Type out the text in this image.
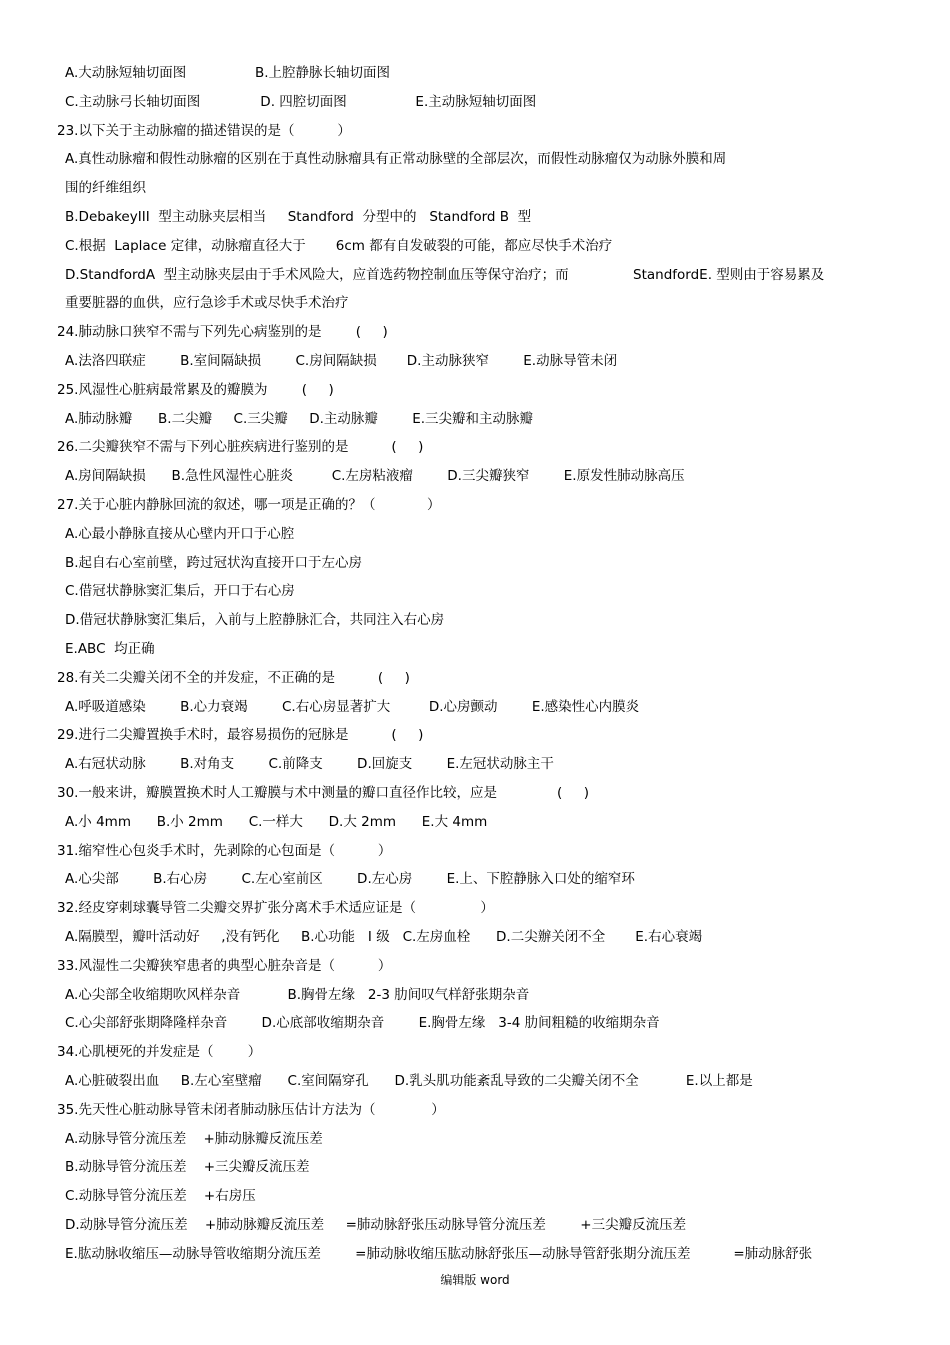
A.大动脉短轴切面图                B.上腔静脉长轴切面图
C.主动脉弓长轴切面图              D. 四腔切面图                E.主动脉短轴切面图
23.以下关于主动脉瘤的描述错误的是（          ）
A.真性动脉瘤和假性动脉瘤的区别在于真性动脉瘤具有正常动脉壁的全部层次，而假性动脉瘤仅为动脉外膜和周
围的纤维组织
B.DebakeyIII  型主动脉夹层相当     Standford  分型中的   Standford B  型
C.根据  Laplace 定律，动脉瘤直径大于       6cm 都有自发破裂的可能，都应尽快手术治疗
D.StandfordA  型主动脉夹层由于手术风险大，应首选药物控制血压等保守治疗；而               StandfordE. 型则由于容易累及
重要脏器的血供，应行急诊手术或尽快手术治疗
24.肺动脉口狭窄不需与下列先心病鉴别的是        (     )
A.法洛四联症        B.室间隔缺损        C.房间隔缺损       D.主动脉狭窄        E.动脉导管未闭
25.风湿性心脏病最常累及的瓣膜为        (     )
A.肺动脉瓣      B.二尖瓣     C.三尖瓣     D.主动脉瓣        E.三尖瓣和主动脉瓣
26.二尖瓣狭窄不需与下列心脏疾病进行鉴别的是          (     )
A.房间隔缺损      B.急性风湿性心脏炎         C.左房粘液瘤        D.三尖瓣狭窄        E.原发性肺动脉高压
27.关于心脏内静脉回流的叙述，哪一项是正确的？（            ）
A.心最小静脉直接从心壁内开口于心腔
B.起自右心室前壁，跨过冠状沟直接开口于左心房
C.借冠状静脉窦汇集后，开口于右心房
D.借冠状静脉窦汇集后，入前与上腔静脉汇合，共同注入右心房
E.ABC  均正确
28.有关二尖瓣关闭不全的并发症，不正确的是          (     )
A.呼吸道感染        B.心力衰竭        C.右心房显著扩大         D.心房颤动        E.感染性心内膜炎
29.进行二尖瓣置换手术时，最容易损伤的冠脉是          (     )
A.右冠状动脉        B.对角支        C.前降支        D.回旋支        E.左冠状动脉主干
30.一般来讲，瓣膜置换术时人工瓣膜与术中测量的瓣口直径作比较，应是              (     )
A.小 4mm      B.小 2mm      C.一样大      D.大 2mm      E.大 4mm
31.缩窄性心包炎手术时，先剥除的心包面是（          ）
A.心尖部        B.右心房        C.左心室前区        D.左心房        E.上、下腔静脉入口处的缩窄环
32.经皮穿刺球囊导管二尖瓣交界扩张分离术手术适应证是（               ）
A.隔膜型，瓣叶活动好     ,没有钙化     B.心功能   I 级   C.左房血栓      D.二尖辦关闭不全       E.右心衰竭
33.风湿性二尖瓣狭窄患者的典型心脏杂音是（          ）
A.心尖部全收缩期吹风样杂音           B.胸骨左缘   2-3 肋间叹气样舒张期杂音
C.心尖部舒张期降隆样杂音        D.心底部收缩期杂音        E.胸骨左缘   3-4 肋间粗糙的收缩期杂音
34.心肌梗死的并发症是（        ）
A.心脏破裂出血     B.左心室壁瘤      C.室间隔穿孔      D.乳头肌功能紊乱导致的二尖瓣关闭不全           E.以上都是
35.先天性心脏动脉导管未闭者肺动脉压估计方法为（             ）
A.动脉导管分流压差    +肺动脉瓣反流压差
B.动脉导管分流压差    +三尖瓣反流压差
C.动脉导管分流压差    +右房压
D.动脉导管分流压差    +肺动脉瓣反流压差     =肺动脉舒张压动脉导管分流压差        +三尖瓣反流压差
E.肱动脉收缩压—动脉导管收缩期分流压差        =肺动脉收缩压肱动脉舒张压—动脉导管舒张期分流压差          =肺动脉舒张
编辑版 word
